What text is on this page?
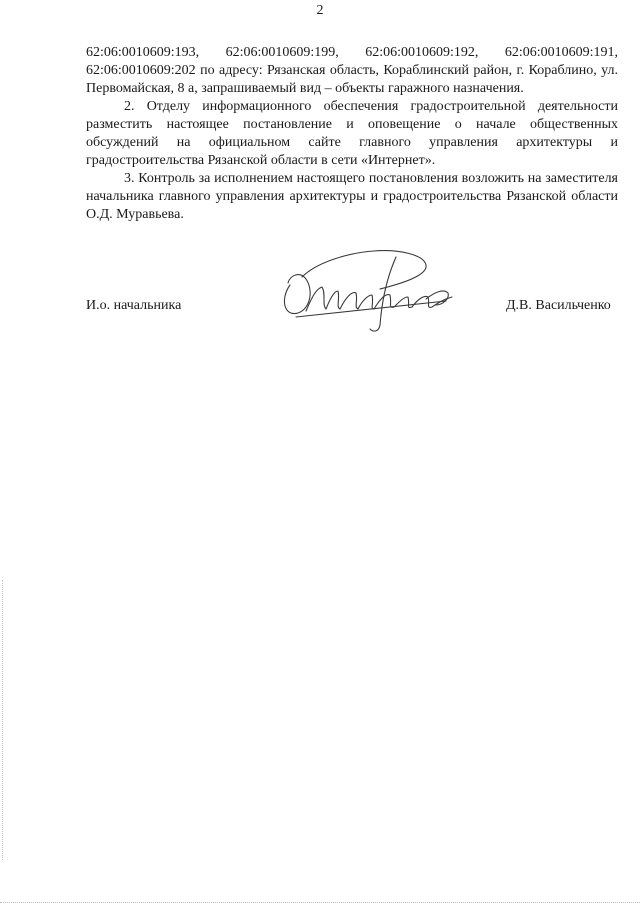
2

62:06:0010609:193, 62:06:0010609:199, 62:06:0010609:192, 62:06:0010609:191, 62:06:0010609:202 по адресу: Рязанская область, Кораблинский район, г. Кораблино, ул. Первомайская, 8 а, запрашиваемый вид – объекты гаражного назначения.

2. Отделу информационного обеспечения градостроительной деятельности разместить настоящее постановление и оповещение о начале общественных обсуждений на официальном сайте главного управления архитектуры и градостроительства Рязанской области в сети «Интернет».

3. Контроль за исполнением настоящего постановления возложить на заместителя начальника главного управления архитектуры и градостроительства Рязанской области О.Д. Муравьева.

И.о. начальника	Д.В. Васильченко
